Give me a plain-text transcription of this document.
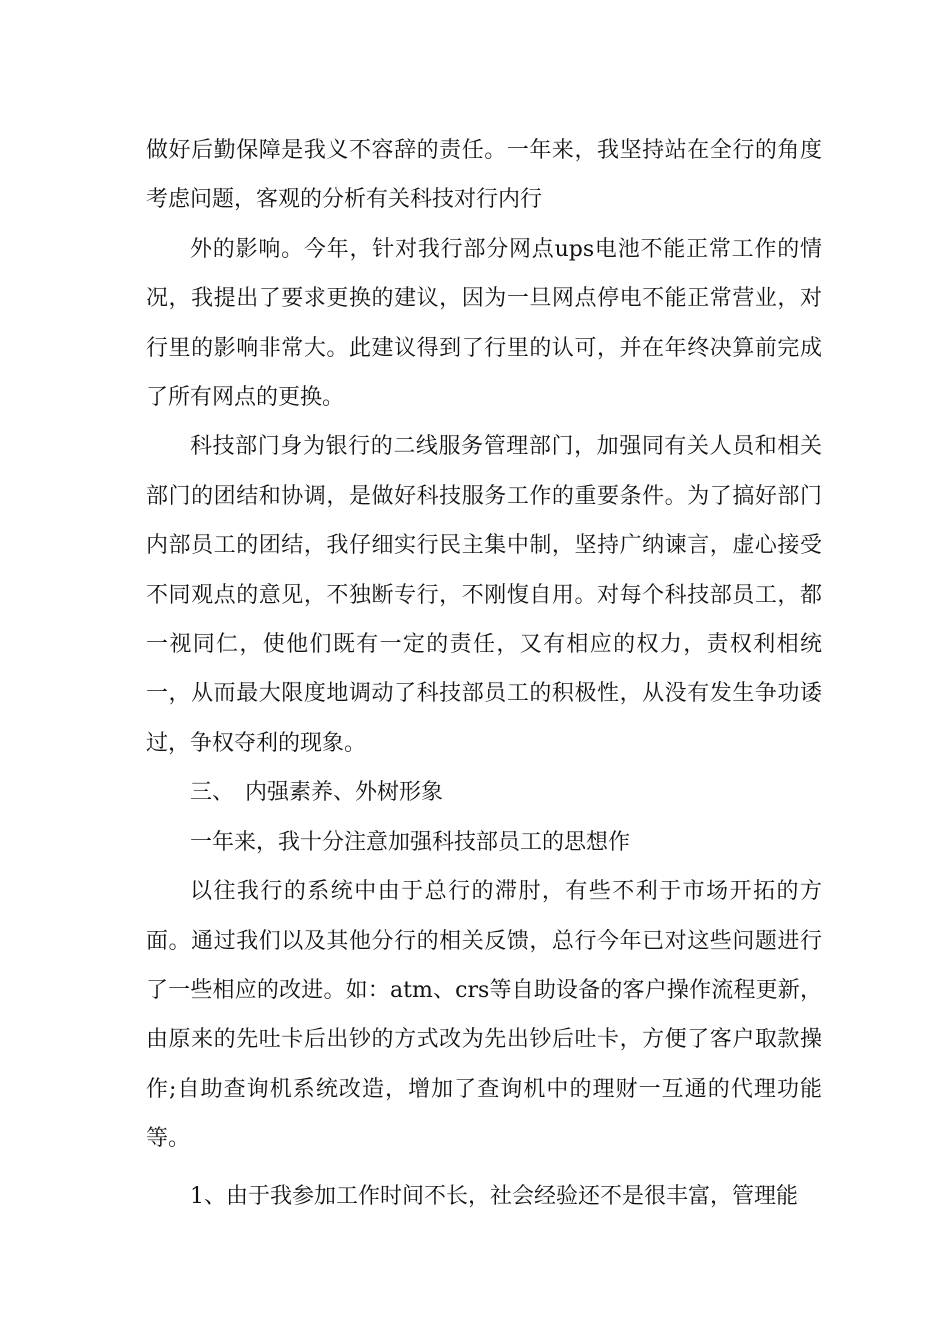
做好后勤保障是我义不容辞的责任。一年来，我坚持站在全行的角度考虑问题，客观的分析有关科技对行内行

外的影响。今年，针对我行部分网点ups电池不能正常工作的情况，我提出了要求更换的建议，因为一旦网点停电不能正常营业，对行里的影响非常大。此建议得到了行里的认可，并在年终决算前完成了所有网点的更换。

科技部门身为银行的二线服务管理部门，加强同有关人员和相关部门的团结和协调，是做好科技服务工作的重要条件。为了搞好部门内部员工的团结，我仔细实行民主集中制，坚持广纳谏言，虚心接受不同观点的意见，不独断专行，不刚愎自用。对每个科技部员工，都一视同仁，使他们既有一定的责任，又有相应的权力，责权利相统一，从而最大限度地调动了科技部员工的积极性，从没有发生争功诿过，争权夺利的现象。

三、　内强素养、外树形象

一年来，我十分注意加强科技部员工的思想作

以往我行的系统中由于总行的滞肘，有些不利于市场开拓的方面。通过我们以及其他分行的相关反馈，总行今年已对这些问题进行了一些相应的改进。如：atm、crs等自助设备的客户操作流程更新，由原来的先吐卡后出钞的方式改为先出钞后吐卡，方便了客户取款操作;自助查询机系统改造，增加了查询机中的理财一互通的代理功能等。

1、由于我参加工作时间不长，社会经验还不是很丰富，管理能
